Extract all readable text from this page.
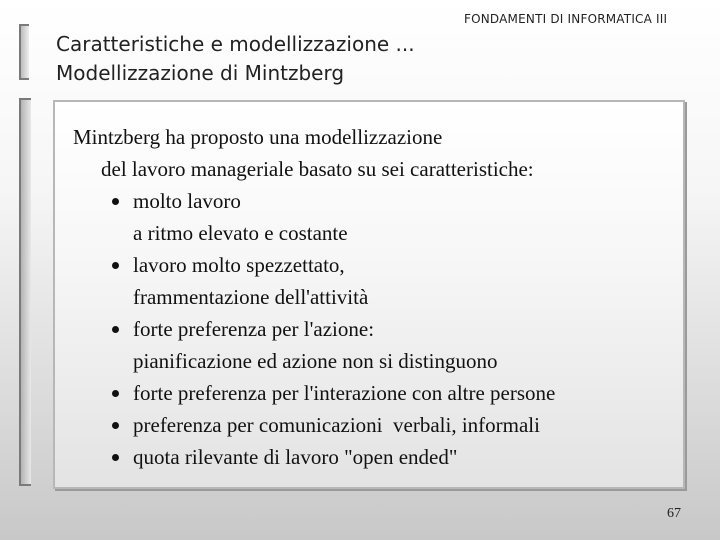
FONDAMENTI DI INFORMATICA III
Caratteristiche e modellizzazione ...
Modellizzazione di Mintzberg
Mintzberg ha proposto una modellizzazione
del lavoro manageriale basato su sei caratteristiche:
molto lavoro
a ritmo elevato e costante
lavoro molto spezzettato,
frammentazione dell'attività
forte preferenza per l'azione:
pianificazione ed azione non si distinguono
forte preferenza per l'interazione con altre persone
preferenza per comunicazioni  verbali, informali
quota rilevante di lavoro "open ended"
67
